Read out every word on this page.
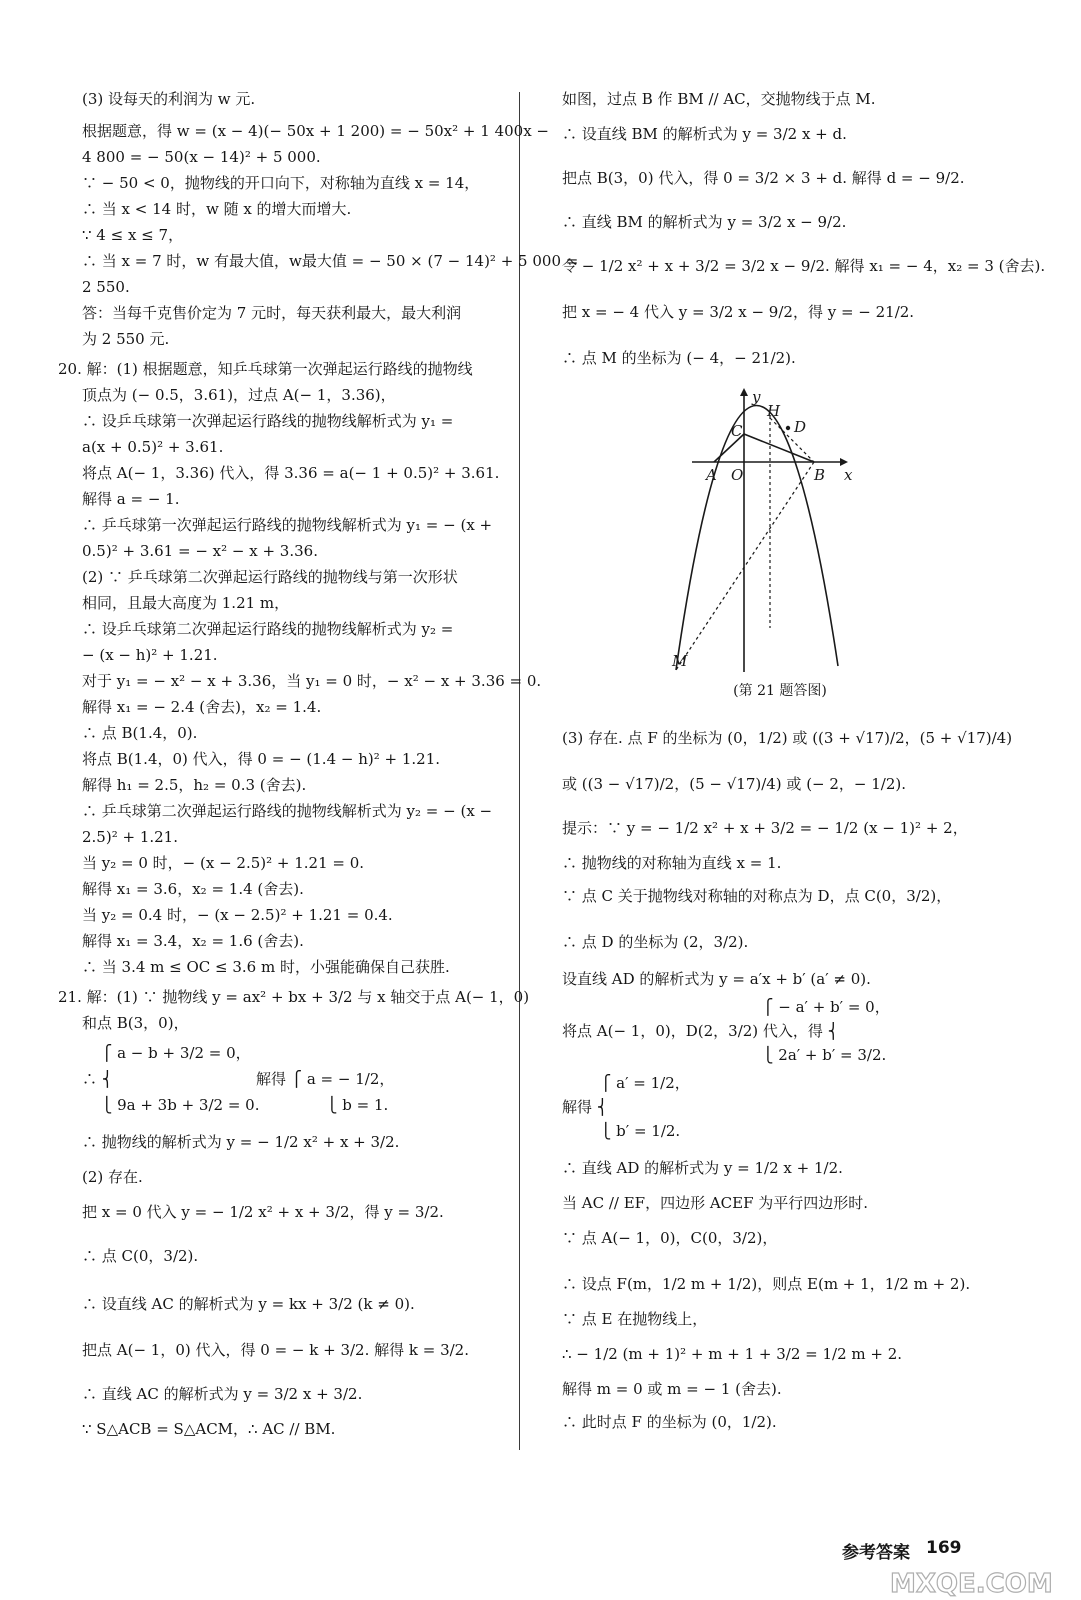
(3) 设每天的利润为 w 元.
根据题意，得 w = (x − 4)(− 50x + 1 200) = − 50x² + 1 400x −
4 800 = − 50(x − 14)² + 5 000.
∵ − 50 < 0，抛物线的开口向下，对称轴为直线 x = 14，
∴ 当 x < 14 时，w 随 x 的增大而增大.
∵ 4 ≤ x ≤ 7，
∴ 当 x = 7 时，w 有最大值，w最大值 = − 50 × (7 − 14)² + 5 000 =
2 550.
答：当每千克售价定为 7 元时，每天获利最大，最大利润
为 2 550 元.
20. 解：(1) 根据题意，知乒乓球第一次弹起运行路线的抛物线
顶点为 (− 0.5，3.61)，过点 A(− 1，3.36)，
∴ 设乒乓球第一次弹起运行路线的抛物线解析式为 y₁ =
a(x + 0.5)² + 3.61.
将点 A(− 1，3.36) 代入，得 3.36 = a(− 1 + 0.5)² + 3.61.
解得 a = − 1.
∴ 乒乓球第一次弹起运行路线的抛物线解析式为 y₁ = − (x +
0.5)² + 3.61 = − x² − x + 3.36.
(2) ∵ 乒乓球第二次弹起运行路线的抛物线与第一次形状
相同，且最大高度为 1.21 m，
∴ 设乒乓球第二次弹起运行路线的抛物线解析式为 y₂ =
− (x − h)² + 1.21.
对于 y₁ = − x² − x + 3.36，当 y₁ = 0 时，− x² − x + 3.36 = 0.
解得 x₁ = − 2.4 (舍去)，x₂ = 1.4.
∴ 点 B(1.4，0).
将点 B(1.4，0) 代入，得 0 = − (1.4 − h)² + 1.21.
解得 h₁ = 2.5，h₂ = 0.3 (舍去).
∴ 乒乓球第二次弹起运行路线的抛物线解析式为 y₂ = − (x −
2.5)² + 1.21.
当 y₂ = 0 时，− (x − 2.5)² + 1.21 = 0.
解得 x₁ = 3.6，x₂ = 1.4 (舍去).
当 y₂ = 0.4 时，− (x − 2.5)² + 1.21 = 0.4.
解得 x₁ = 3.4，x₂ = 1.6 (舍去).
∴ 当 3.4 m ≤ OC ≤ 3.6 m 时，小强能确保自己获胜.
21. 解：(1) ∵ 抛物线 y = ax² + bx + 3/2 与 x 轴交于点 A(− 1，0)
和点 B(3，0)，
⎧ a − b + 3/2 = 0，
∴ ⎨                              解得 ⎧ a = − 1/2，
⎩ 9a + 3b + 3/2 = 0.              ⎩ b = 1.
∴ 抛物线的解析式为 y = − 1/2 x² + x + 3/2.
(2) 存在.
把 x = 0 代入 y = − 1/2 x² + x + 3/2，得 y = 3/2.
∴ 点 C(0，3/2).
∴ 设直线 AC 的解析式为 y = kx + 3/2 (k ≠ 0).
把点 A(− 1，0) 代入，得 0 = − k + 3/2. 解得 k = 3/2.
∴ 直线 AC 的解析式为 y = 3/2 x + 3/2.
∵ S△ACB = S△ACM，∴ AC // BM.
如图，过点 B 作 BM // AC，交抛物线于点 M.
∴ 设直线 BM 的解析式为 y = 3/2 x + d.
把点 B(3，0) 代入，得 0 = 3/2 × 3 + d. 解得 d = − 9/2.
∴ 直线 BM 的解析式为 y = 3/2 x − 9/2.
令 − 1/2 x² + x + 3/2 = 3/2 x − 9/2. 解得 x₁ = − 4，x₂ = 3 (舍去).
把 x = − 4 代入 y = 3/2 x − 9/2，得 y = − 21/2.
∴ 点 M 的坐标为 (− 4，− 21/2).
y
x
O
A	B
C
H
D
M
(第 21 题答图)
(3) 存在. 点 F 的坐标为 (0，1/2) 或 ((3 + √17)/2，(5 + √17)/4)
或 ((3 − √17)/2，(5 − √17)/4) 或 (− 2，− 1/2).
提示：∵ y = − 1/2 x² + x + 3/2 = − 1/2 (x − 1)² + 2，
∴ 抛物线的对称轴为直线 x = 1.
∵ 点 C 关于抛物线对称轴的对称点为 D，点 C(0，3/2)，
∴ 点 D 的坐标为 (2，3/2).
设直线 AD 的解析式为 y = a′x + b′ (a′ ≠ 0).
⎧ − a′ + b′ = 0，
将点 A(− 1，0)，D(2，3/2) 代入，得 ⎨
⎩ 2a′ + b′ = 3/2.
⎧ a′ = 1/2，
解得 ⎨
⎩ b′ = 1/2.
∴ 直线 AD 的解析式为 y = 1/2 x + 1/2.
当 AC // EF，四边形 ACEF 为平行四边形时.
∵ 点 A(− 1，0)，C(0，3/2)，
∴ 设点 F(m，1/2 m + 1/2)，则点 E(m + 1，1/2 m + 2).
∵ 点 E 在抛物线上，
∴ − 1/2 (m + 1)² + m + 1 + 3/2 = 1/2 m + 2.
解得 m = 0 或 m = − 1 (舍去).
∴ 此时点 F 的坐标为 (0，1/2).
参考答案 169
MXQE.COM
